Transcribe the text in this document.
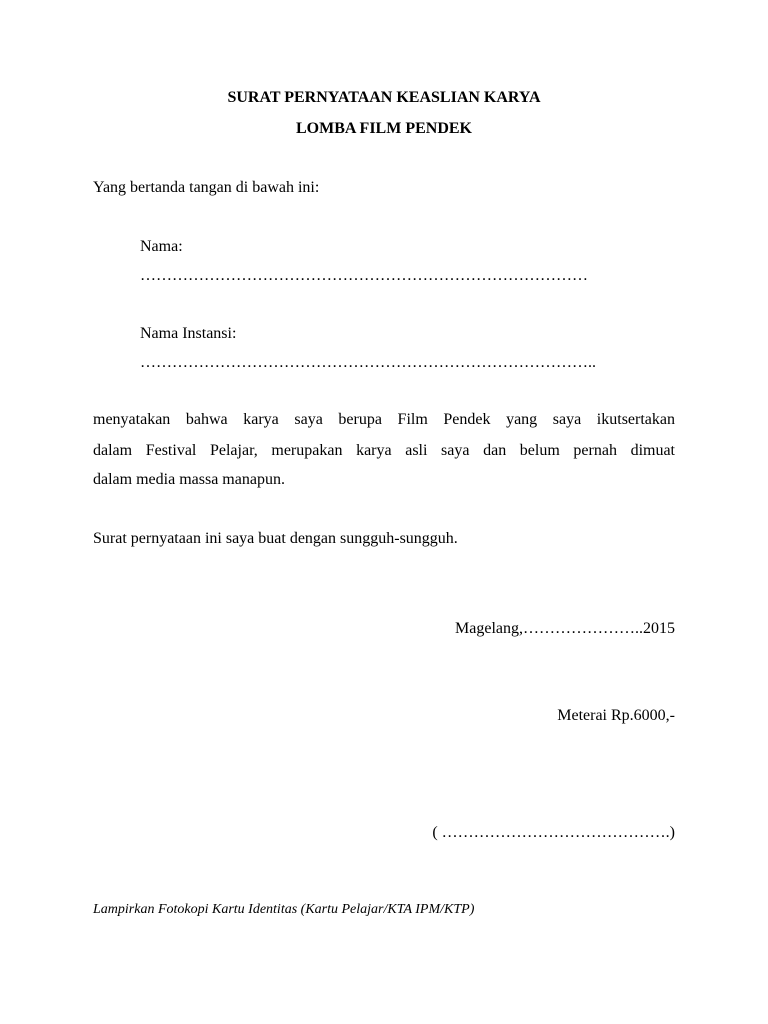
SURAT PERNYATAAN KEASLIAN KARYA
LOMBA FILM PENDEK
Yang bertanda tangan di bawah ini:
Nama:
…………………………………………………………………………
Nama Instansi:
…………………………………………………………………………..
menyatakan bahwa karya saya berupa Film Pendek yang saya ikutsertakan
dalam Festival Pelajar, merupakan karya asli saya dan belum pernah dimuat
dalam media massa manapun.
Surat pernyataan ini saya buat dengan sungguh-sungguh.
Magelang,…………………..2015
Meterai Rp.6000,-
( …………………………………….)
Lampirkan Fotokopi Kartu Identitas (Kartu Pelajar/KTA IPM/KTP)
